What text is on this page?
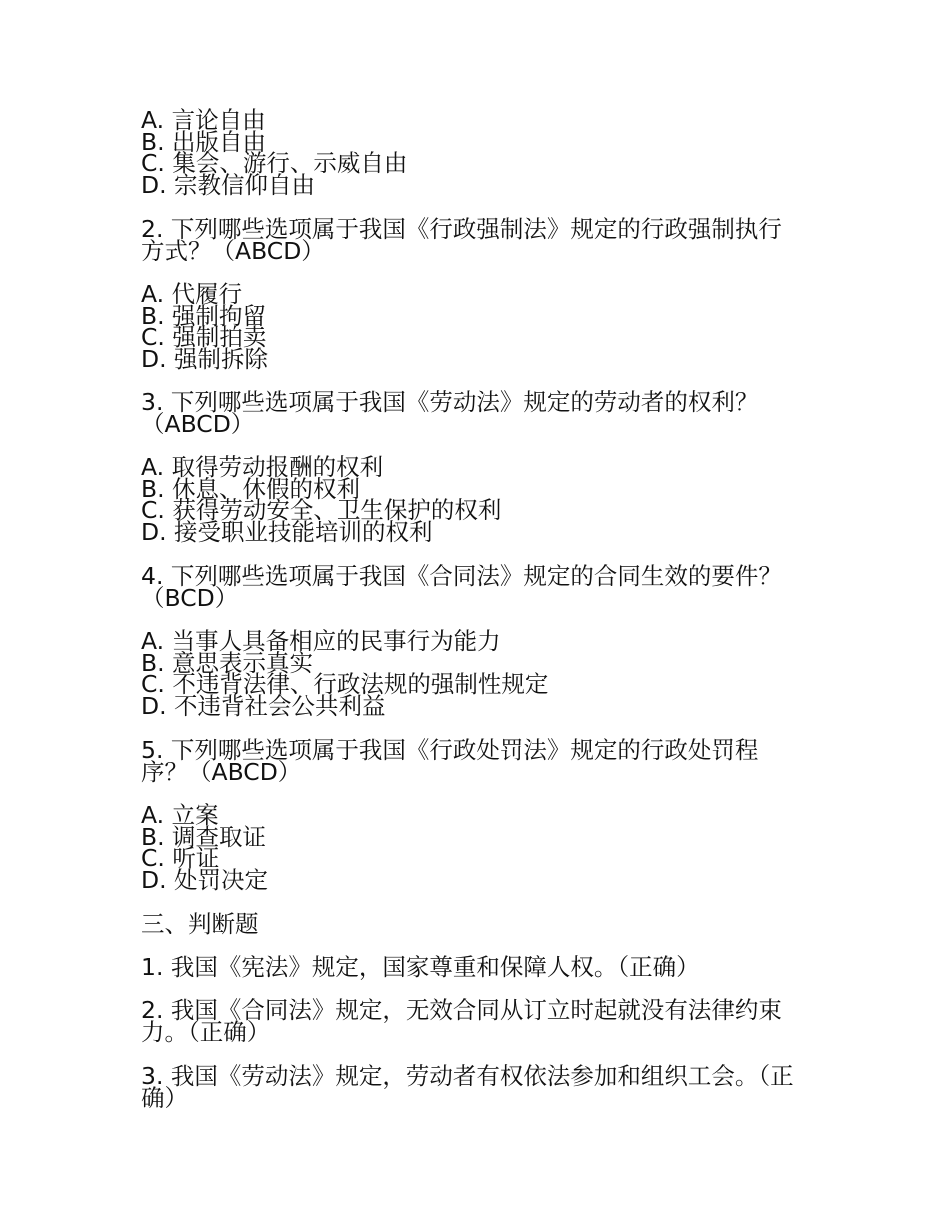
A. 言论自由
B. 出版自由
C. 集会、游行、示威自由
D. 宗教信仰自由
2. 下列哪些选项属于我国《行政强制法》规定的行政强制执行方式？（ABCD）
A. 代履行
B. 强制拘留
C. 强制拍卖
D. 强制拆除
3. 下列哪些选项属于我国《劳动法》规定的劳动者的权利？（ABCD）
A. 取得劳动报酬的权利
B. 休息、休假的权利
C. 获得劳动安全、卫生保护的权利
D. 接受职业技能培训的权利
4. 下列哪些选项属于我国《合同法》规定的合同生效的要件？（BCD）
A. 当事人具备相应的民事行为能力
B. 意思表示真实
C. 不违背法律、行政法规的强制性规定
D. 不违背社会公共利益
5. 下列哪些选项属于我国《行政处罚法》规定的行政处罚程序？（ABCD）
A. 立案
B. 调查取证
C. 听证
D. 处罚决定
三、判断题
1. 我国《宪法》规定，国家尊重和保障人权。（正确）
2. 我国《合同法》规定，无效合同从订立时起就没有法律约束力。（正确）
3. 我国《劳动法》规定，劳动者有权依法参加和组织工会。（正确）
